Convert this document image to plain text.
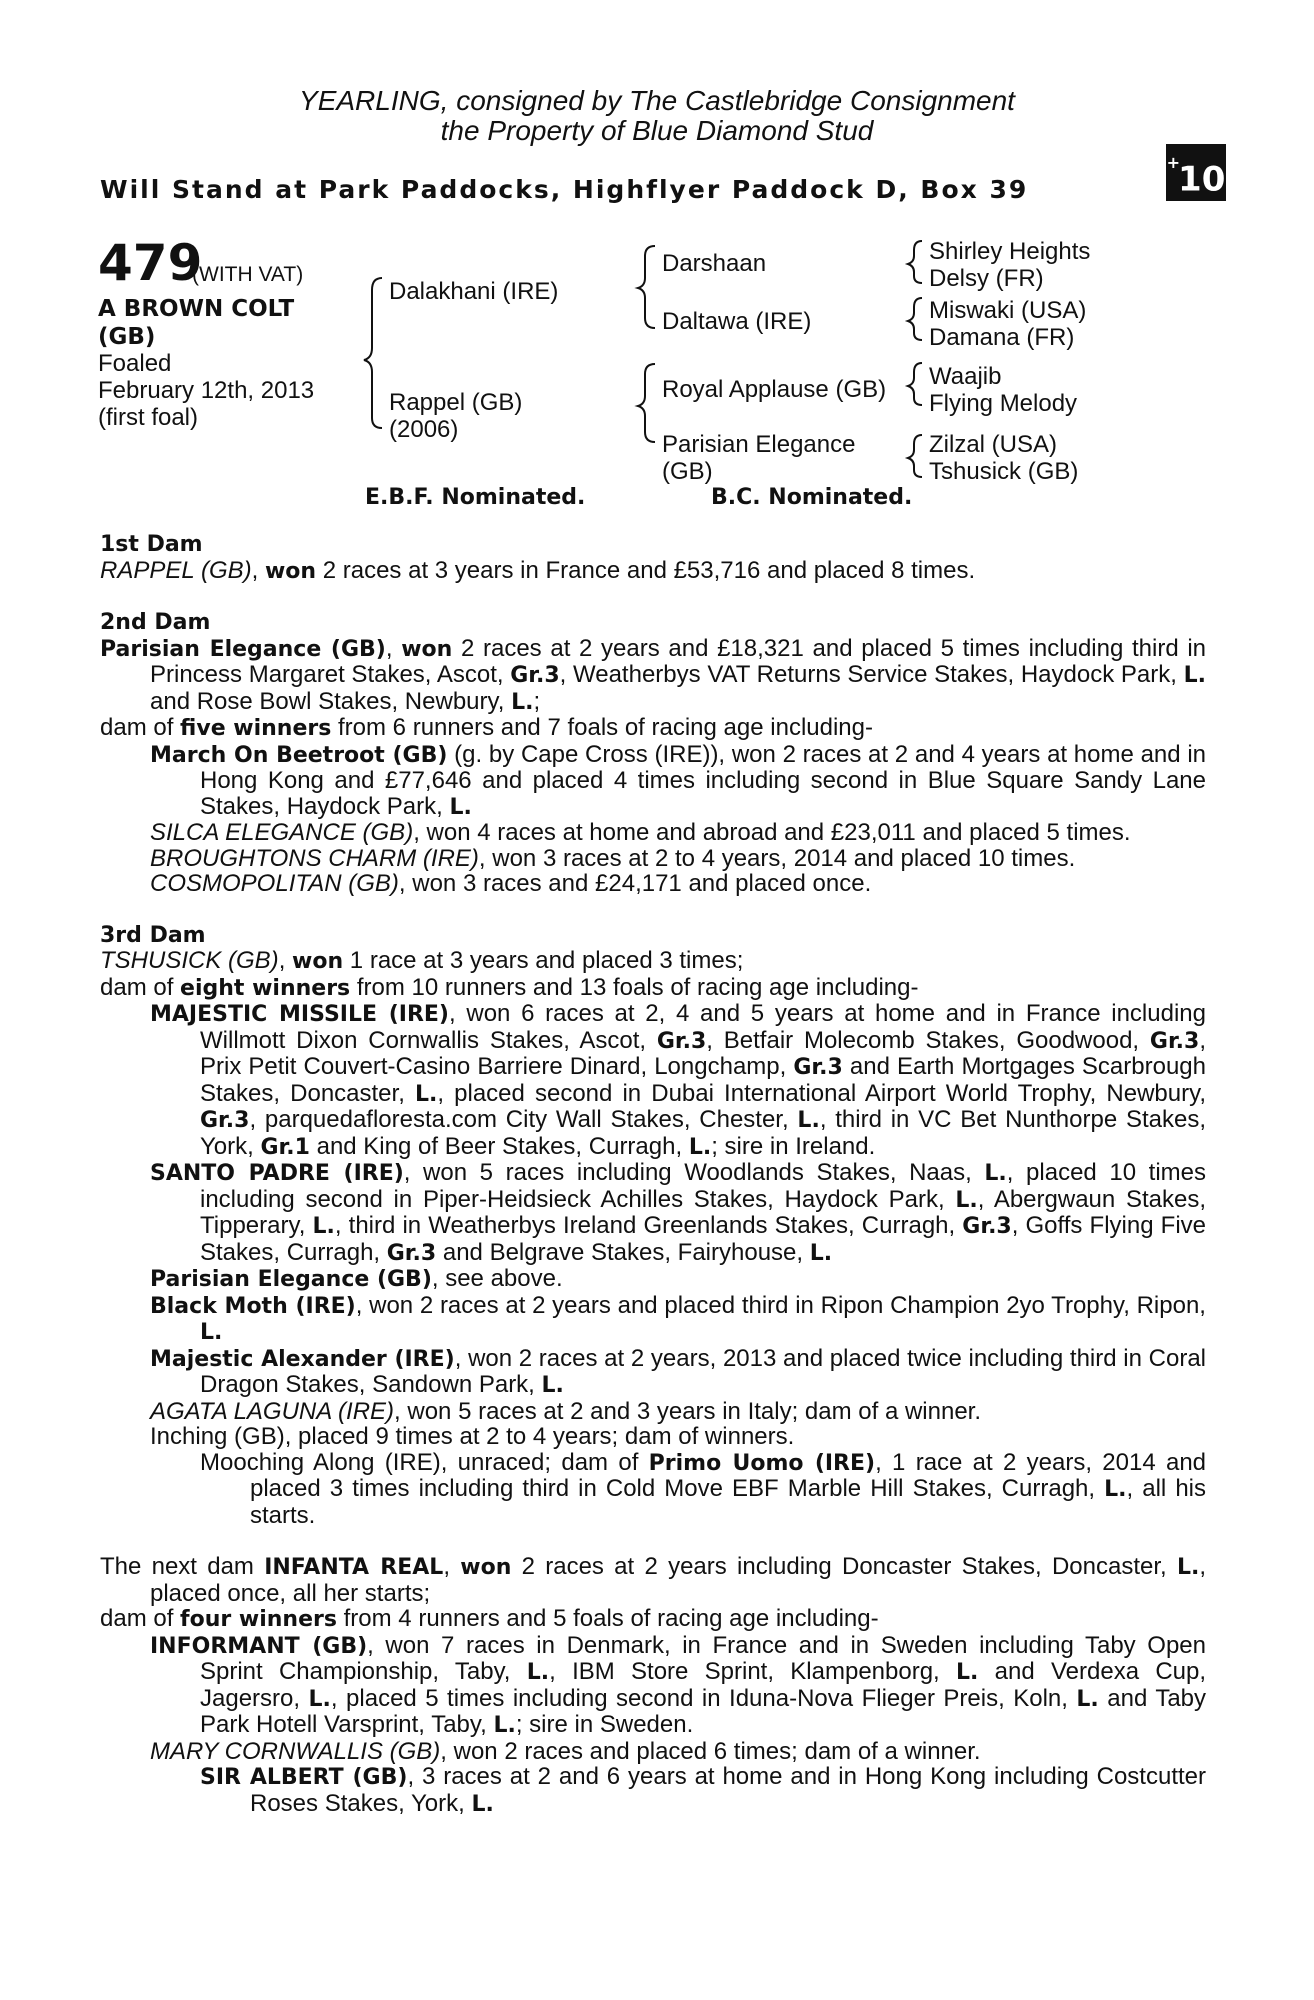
YEARLING, consigned by The Castlebridge Consignment
the Property of Blue Diamond Stud
Will Stand at Park Paddocks, Highflyer Paddock D, Box 39
+10
479
(WITH VAT)
A BROWN COLT
(GB)
Foaled
February 12th, 2013
(first foal)
Dalakhani (IRE)
Rappel (GB)
(2006)
Darshaan
Daltawa (IRE)
Royal Applause (GB)
Parisian Elegance
(GB)
Shirley Heights
Delsy (FR)
Miswaki (USA)
Damana (FR)
Waajib
Flying Melody
Zilzal (USA)
Tshusick (GB)
E.B.F. Nominated.	B.C. Nominated.

1st Dam

RAPPEL (GB), won 2 races at 3 years in France and £53,716 and placed 8 times.

2nd Dam

Parisian Elegance (GB), won 2 races at 2 years and £18,321 and placed 5 times including third in Princess Margaret Stakes, Ascot, Gr.3, Weatherbys VAT Returns Service Stakes, Haydock Park, L. and Rose Bowl Stakes, Newbury, L.;

dam of five winners from 6 runners and 7 foals of racing age including-

March On Beetroot (GB) (g. by Cape Cross (IRE)), won 2 races at 2 and 4 years at home and in Hong Kong and £77,646 and placed 4 times including second in Blue Square Sandy Lane Stakes, Haydock Park, L.

SILCA ELEGANCE (GB), won 4 races at home and abroad and £23,011 and placed 5 times.

BROUGHTONS CHARM (IRE), won 3 races at 2 to 4 years, 2014 and placed 10 times.

COSMOPOLITAN (GB), won 3 races and £24,171 and placed once.

3rd Dam

TSHUSICK (GB), won 1 race at 3 years and placed 3 times;

dam of eight winners from 10 runners and 13 foals of racing age including-

MAJESTIC MISSILE (IRE), won 6 races at 2, 4 and 5 years at home and in France including Willmott Dixon Cornwallis Stakes, Ascot, Gr.3, Betfair Molecomb Stakes, Goodwood, Gr.3, Prix Petit Couvert-Casino Barriere Dinard, Longchamp, Gr.3 and Earth Mortgages Scarbrough Stakes, Doncaster, L., placed second in Dubai International Airport World Trophy, Newbury, Gr.3, parquedafloresta.com City Wall Stakes, Chester, L., third in VC Bet Nunthorpe Stakes, York, Gr.1 and King of Beer Stakes, Curragh, L.; sire in Ireland.

SANTO PADRE (IRE), won 5 races including Woodlands Stakes, Naas, L., placed 10 times including second in Piper-Heidsieck Achilles Stakes, Haydock Park, L., Abergwaun Stakes, Tipperary, L., third in Weatherbys Ireland Greenlands Stakes, Curragh, Gr.3, Goffs Flying Five Stakes, Curragh, Gr.3 and Belgrave Stakes, Fairyhouse, L.

Parisian Elegance (GB), see above.

Black Moth (IRE), won 2 races at 2 years and placed third in Ripon Champion 2yo Trophy, Ripon, L.

Majestic Alexander (IRE), won 2 races at 2 years, 2013 and placed twice including third in Coral Dragon Stakes, Sandown Park, L.

AGATA LAGUNA (IRE), won 5 races at 2 and 3 years in Italy; dam of a winner.

Inching (GB), placed 9 times at 2 to 4 years; dam of winners.

Mooching Along (IRE), unraced; dam of Primo Uomo (IRE), 1 race at 2 years, 2014 and placed 3 times including third in Cold Move EBF Marble Hill Stakes, Curragh, L., all his starts.

The next dam INFANTA REAL, won 2 races at 2 years including Doncaster Stakes, Doncaster, L., placed once, all her starts;

dam of four winners from 4 runners and 5 foals of racing age including-

INFORMANT (GB), won 7 races in Denmark, in France and in Sweden including Taby Open Sprint Championship, Taby, L., IBM Store Sprint, Klampenborg, L. and Verdexa Cup, Jagersro, L., placed 5 times including second in Iduna-Nova Flieger Preis, Koln, L. and Taby Park Hotell Varsprint, Taby, L.; sire in Sweden.

MARY CORNWALLIS (GB), won 2 races and placed 6 times; dam of a winner.

SIR ALBERT (GB), 3 races at 2 and 6 years at home and in Hong Kong including Costcutter Roses Stakes, York, L.
